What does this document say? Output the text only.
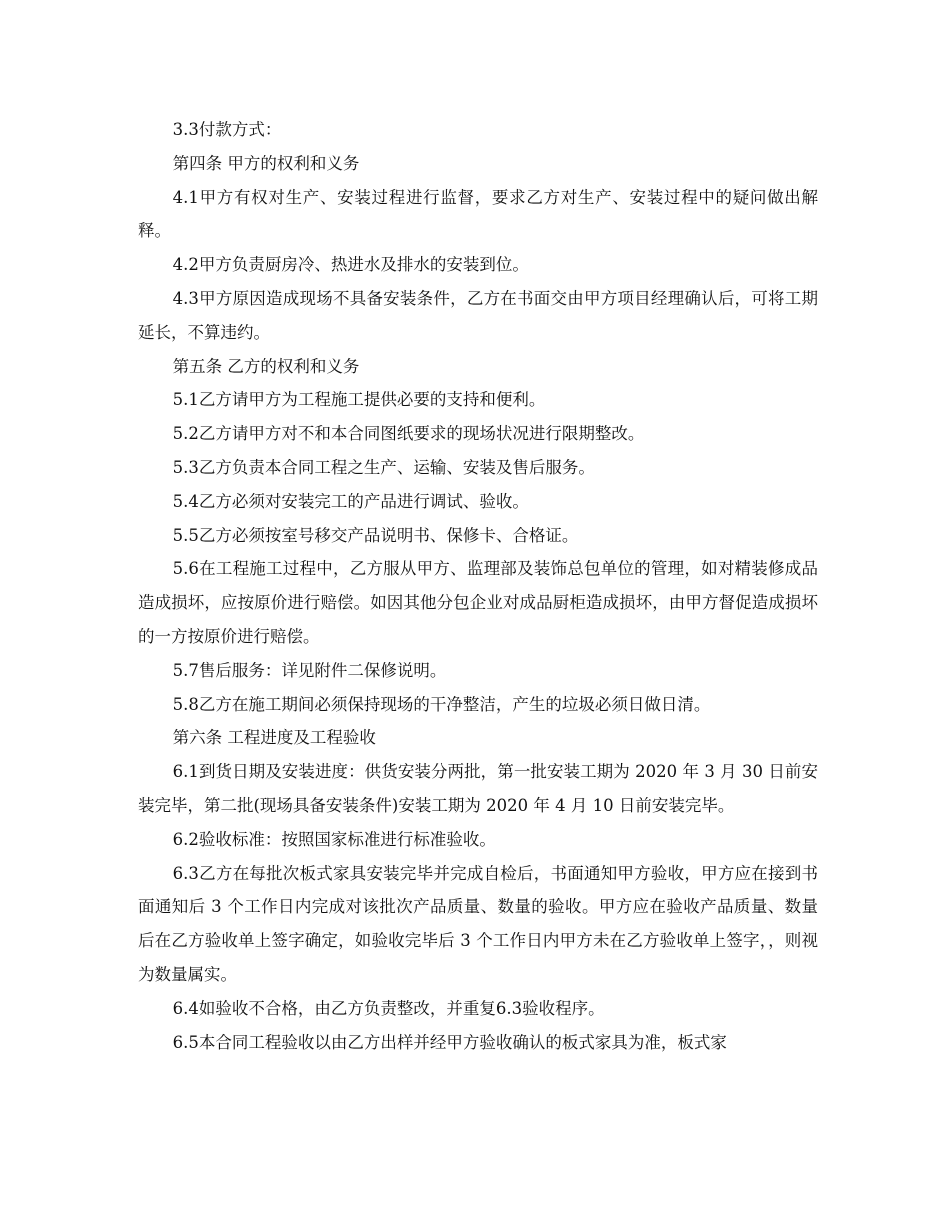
3.3付款方式：

第四条 甲方的权利和义务

4.1甲方有权对生产、安装过程进行监督，要求乙方对生产、安装过程中的疑问做出解释。

4.2甲方负责厨房冷、热进水及排水的安装到位。

4.3甲方原因造成现场不具备安装条件，乙方在书面交由甲方项目经理确认后，可将工期延长，不算违约。

第五条 乙方的权利和义务

5.1乙方请甲方为工程施工提供必要的支持和便利。

5.2乙方请甲方对不和本合同图纸要求的现场状况进行限期整改。

5.3乙方负责本合同工程之生产、运输、安装及售后服务。

5.4乙方必须对安装完工的产品进行调试、验收。

5.5乙方必须按室号移交产品说明书、保修卡、合格证。

5.6在工程施工过程中，乙方服从甲方、监理部及装饰总包单位的管理，如对精装修成品造成损坏，应按原价进行赔偿。如因其他分包企业对成品厨柜造成损坏，由甲方督促造成损坏的一方按原价进行赔偿。

5.7售后服务：详见附件二保修说明。

5.8乙方在施工期间必须保持现场的干净整洁，产生的垃圾必须日做日清。

第六条 工程进度及工程验收

6.1到货日期及安装进度：供货安装分两批，第一批安装工期为 2020 年 3 月 30 日前安装完毕，第二批(现场具备安装条件)安装工期为 2020 年 4 月 10 日前安装完毕。

6.2验收标准：按照国家标准进行标准验收。

6.3乙方在每批次板式家具安装完毕并完成自检后，书面通知甲方验收，甲方应在接到书面通知后 3 个工作日内完成对该批次产品质量、数量的验收。甲方应在验收产品质量、数量后在乙方验收单上签字确定，如验收完毕后 3 个工作日内甲方未在乙方验收单上签字，，则视为数量属实。

6.4如验收不合格，由乙方负责整改，并重复6.3验收程序。

6.5本合同工程验收以由乙方出样并经甲方验收确认的板式家具为准，板式家
